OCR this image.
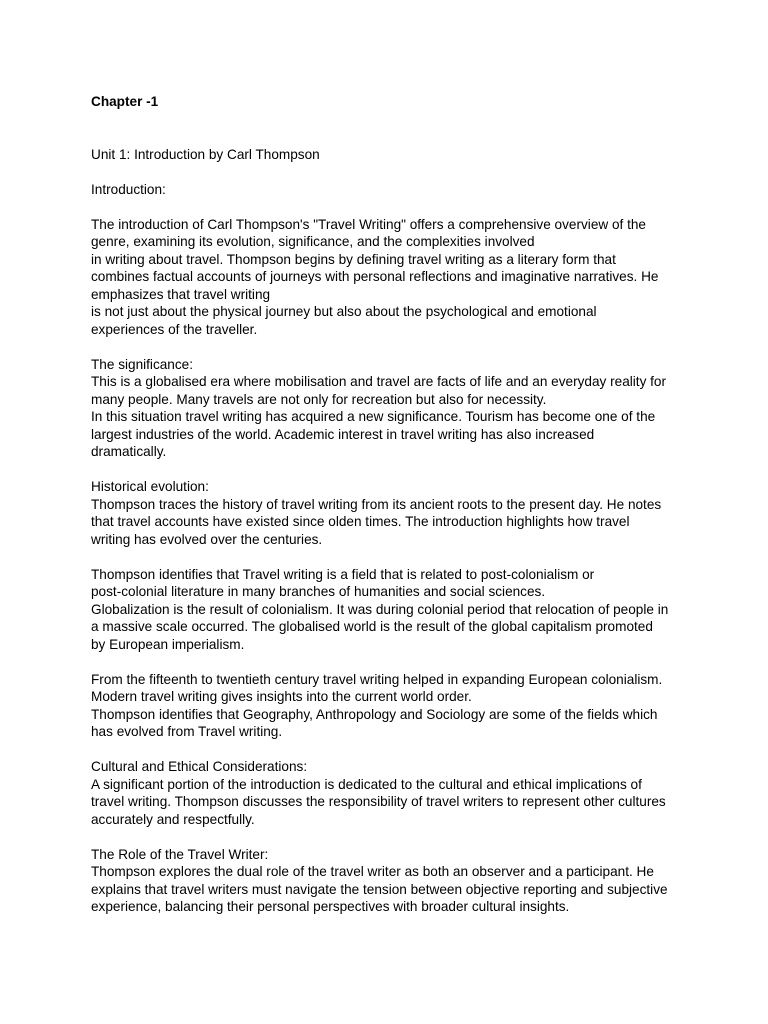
Chapter -1

Unit 1: Introduction by Carl Thompson

Introduction:

The introduction of Carl Thompson's "Travel Writing" offers a comprehensive overview of the

genre, examining its evolution, significance, and the complexities involved

in writing about travel. Thompson begins by defining travel writing as a literary form that

combines factual accounts of journeys with personal reflections and imaginative narratives. He

emphasizes that travel writing

is not just about the physical journey but also about the psychological and emotional

experiences of the traveller.

The significance:

This is a globalised era where mobilisation and travel are facts of life and an everyday reality for

many people. Many travels are not only for recreation but also for necessity.

In this situation travel writing has acquired a new significance. Tourism has become one of the

largest industries of the world. Academic interest in travel writing has also increased

dramatically.

Historical evolution:

Thompson traces the history of travel writing from its ancient roots to the present day. He notes

that travel accounts have existed since olden times. The introduction highlights how travel

writing has evolved over the centuries.

Thompson identifies that Travel writing is a field that is related to post-colonialism or

post-colonial literature in many branches of humanities and social sciences.

Globalization is the result of colonialism. It was during colonial period that relocation of people in

a massive scale occurred. The globalised world is the result of the global capitalism promoted

by European imperialism.

From the fifteenth to twentieth century travel writing helped in expanding European colonialism.

Modern travel writing gives insights into the current world order.

Thompson identifies that Geography, Anthropology and Sociology are some of the fields which

has evolved from Travel writing.

Cultural and Ethical Considerations:

A significant portion of the introduction is dedicated to the cultural and ethical implications of

travel writing. Thompson discusses the responsibility of travel writers to represent other cultures

accurately and respectfully.

The Role of the Travel Writer:

Thompson explores the dual role of the travel writer as both an observer and a participant. He

explains that travel writers must navigate the tension between objective reporting and subjective

experience, balancing their personal perspectives with broader cultural insights.
